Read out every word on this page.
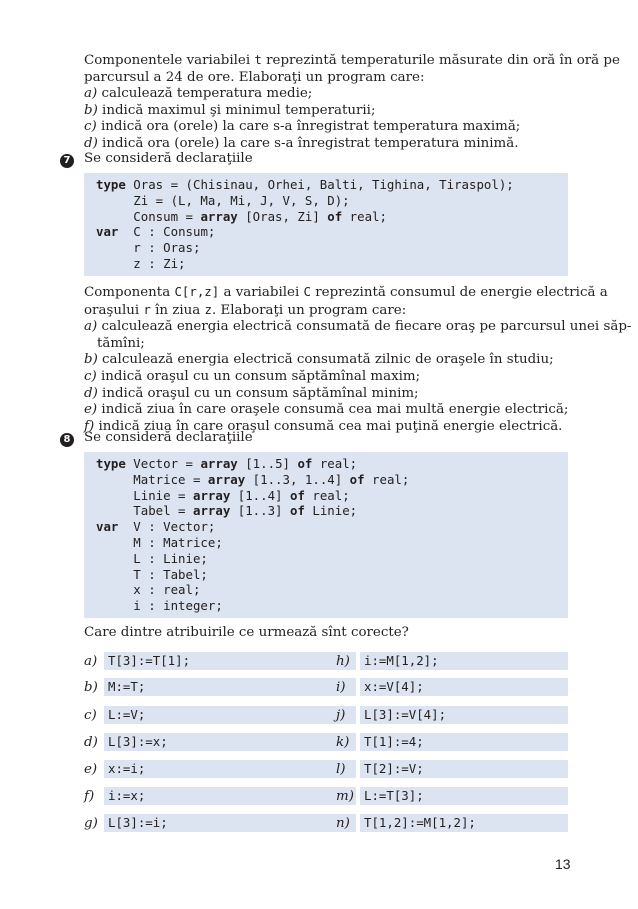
Componentele variabilei t reprezintă temperaturile măsurate din oră în oră pe
parcursul a 24 de ore. Elaboraţi un program care:
a) calculează temperatura medie;
b) indică maximul şi minimul temperaturii;
c) indică ora (orele) la care s-a înregistrat temperatura maximă;
d) indică ora (orele) la care s-a înregistrat temperatura minimă.
7 Se consideră declaraţiile
type Oras = (Chisinau, Orhei, Balti, Tighina, Tiraspol);
Zi = (L, Ma, Mi, J, V, S, D);
Consum = array [Oras, Zi] of real;
var  C : Consum;
r : Oras;
z : Zi;
Componenta C[r,z] a variabilei C reprezintă consumul de energie electrică a
oraşului r în ziua z. Elaboraţi un program care:
a) calculează energia electrică consumată de fiecare oraş pe parcursul unei săp-
tămîni;
b) calculează energia electrică consumată zilnic de oraşele în studiu;
c) indică oraşul cu un consum săptămînal maxim;
d) indică oraşul cu un consum săptămînal minim;
e) indică ziua în care oraşele consumă cea mai multă energie electrică;
f) indică ziua în care oraşul consumă cea mai puţină energie electrică.
8 Se consideră declaraţiile
type Vector = array [1..5] of real;
Matrice = array [1..3, 1..4] of real;
Linie = array [1..4] of real;
Tabel = array [1..3] of Linie;
var  V : Vector;
M : Matrice;
L : Linie;
T : Tabel;
x : real;
i : integer;
Care dintre atribuirile ce urmează sînt corecte?
a) T[3]:=T[1];
b) M:=T;
c) L:=V;
d) L[3]:=x;
e) x:=i;
f)	i:=x;
g) L[3]:=i;
h)	i:=M[1,2];
i)	x:=V[4];
j)	L[3]:=V[4];
k)	T[1]:=4;
l)	T[2]:=V;
m) L:=T[3];
n)	T[1,2]:=M[1,2];
13
